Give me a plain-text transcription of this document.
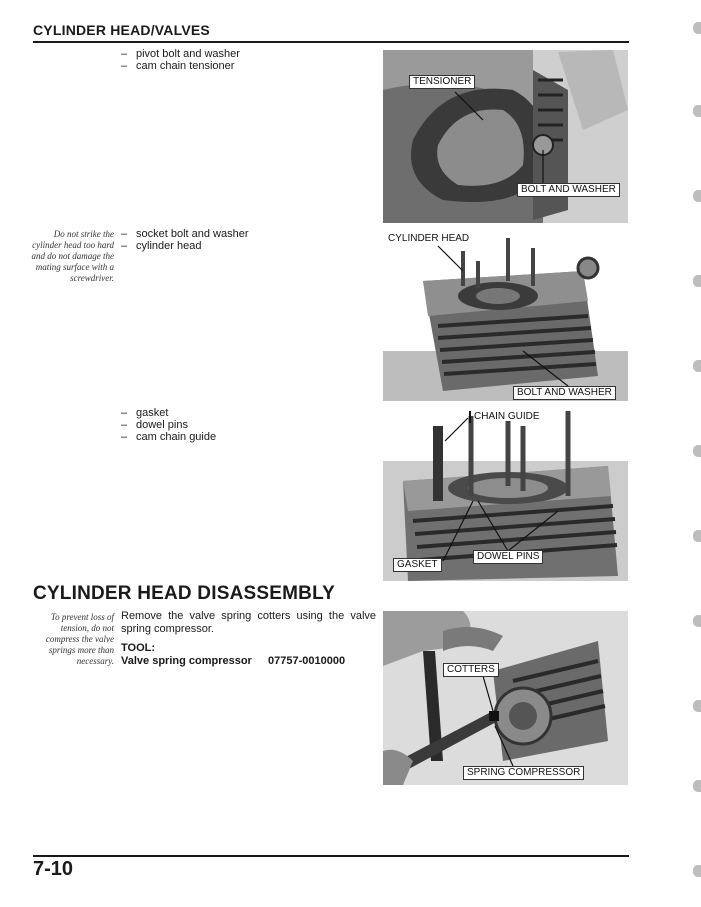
CYLINDER HEAD/VALVES
– pivot bolt and washer
– cam chain tensioner
Do not strike the cylinder head too hard and do not damage the mating surface with a screwdriver.
– socket bolt and washer
– cylinder head
– gasket
– dowel pins
– cam chain guide
TENSIONER
BOLT AND WASHER
CYLINDER HEAD
BOLT AND WASHER
CHAIN GUIDE
GASKET
DOWEL PINS
CYLINDER HEAD DISASSEMBLY
To prevent loss of tension, do not compress the valve springs more than necessary.
Remove the valve spring cotters using the valve spring compressor.
TOOL:
Valve spring compressor 07757-0010000
COTTERS
SPRING COMPRESSOR
7-10
